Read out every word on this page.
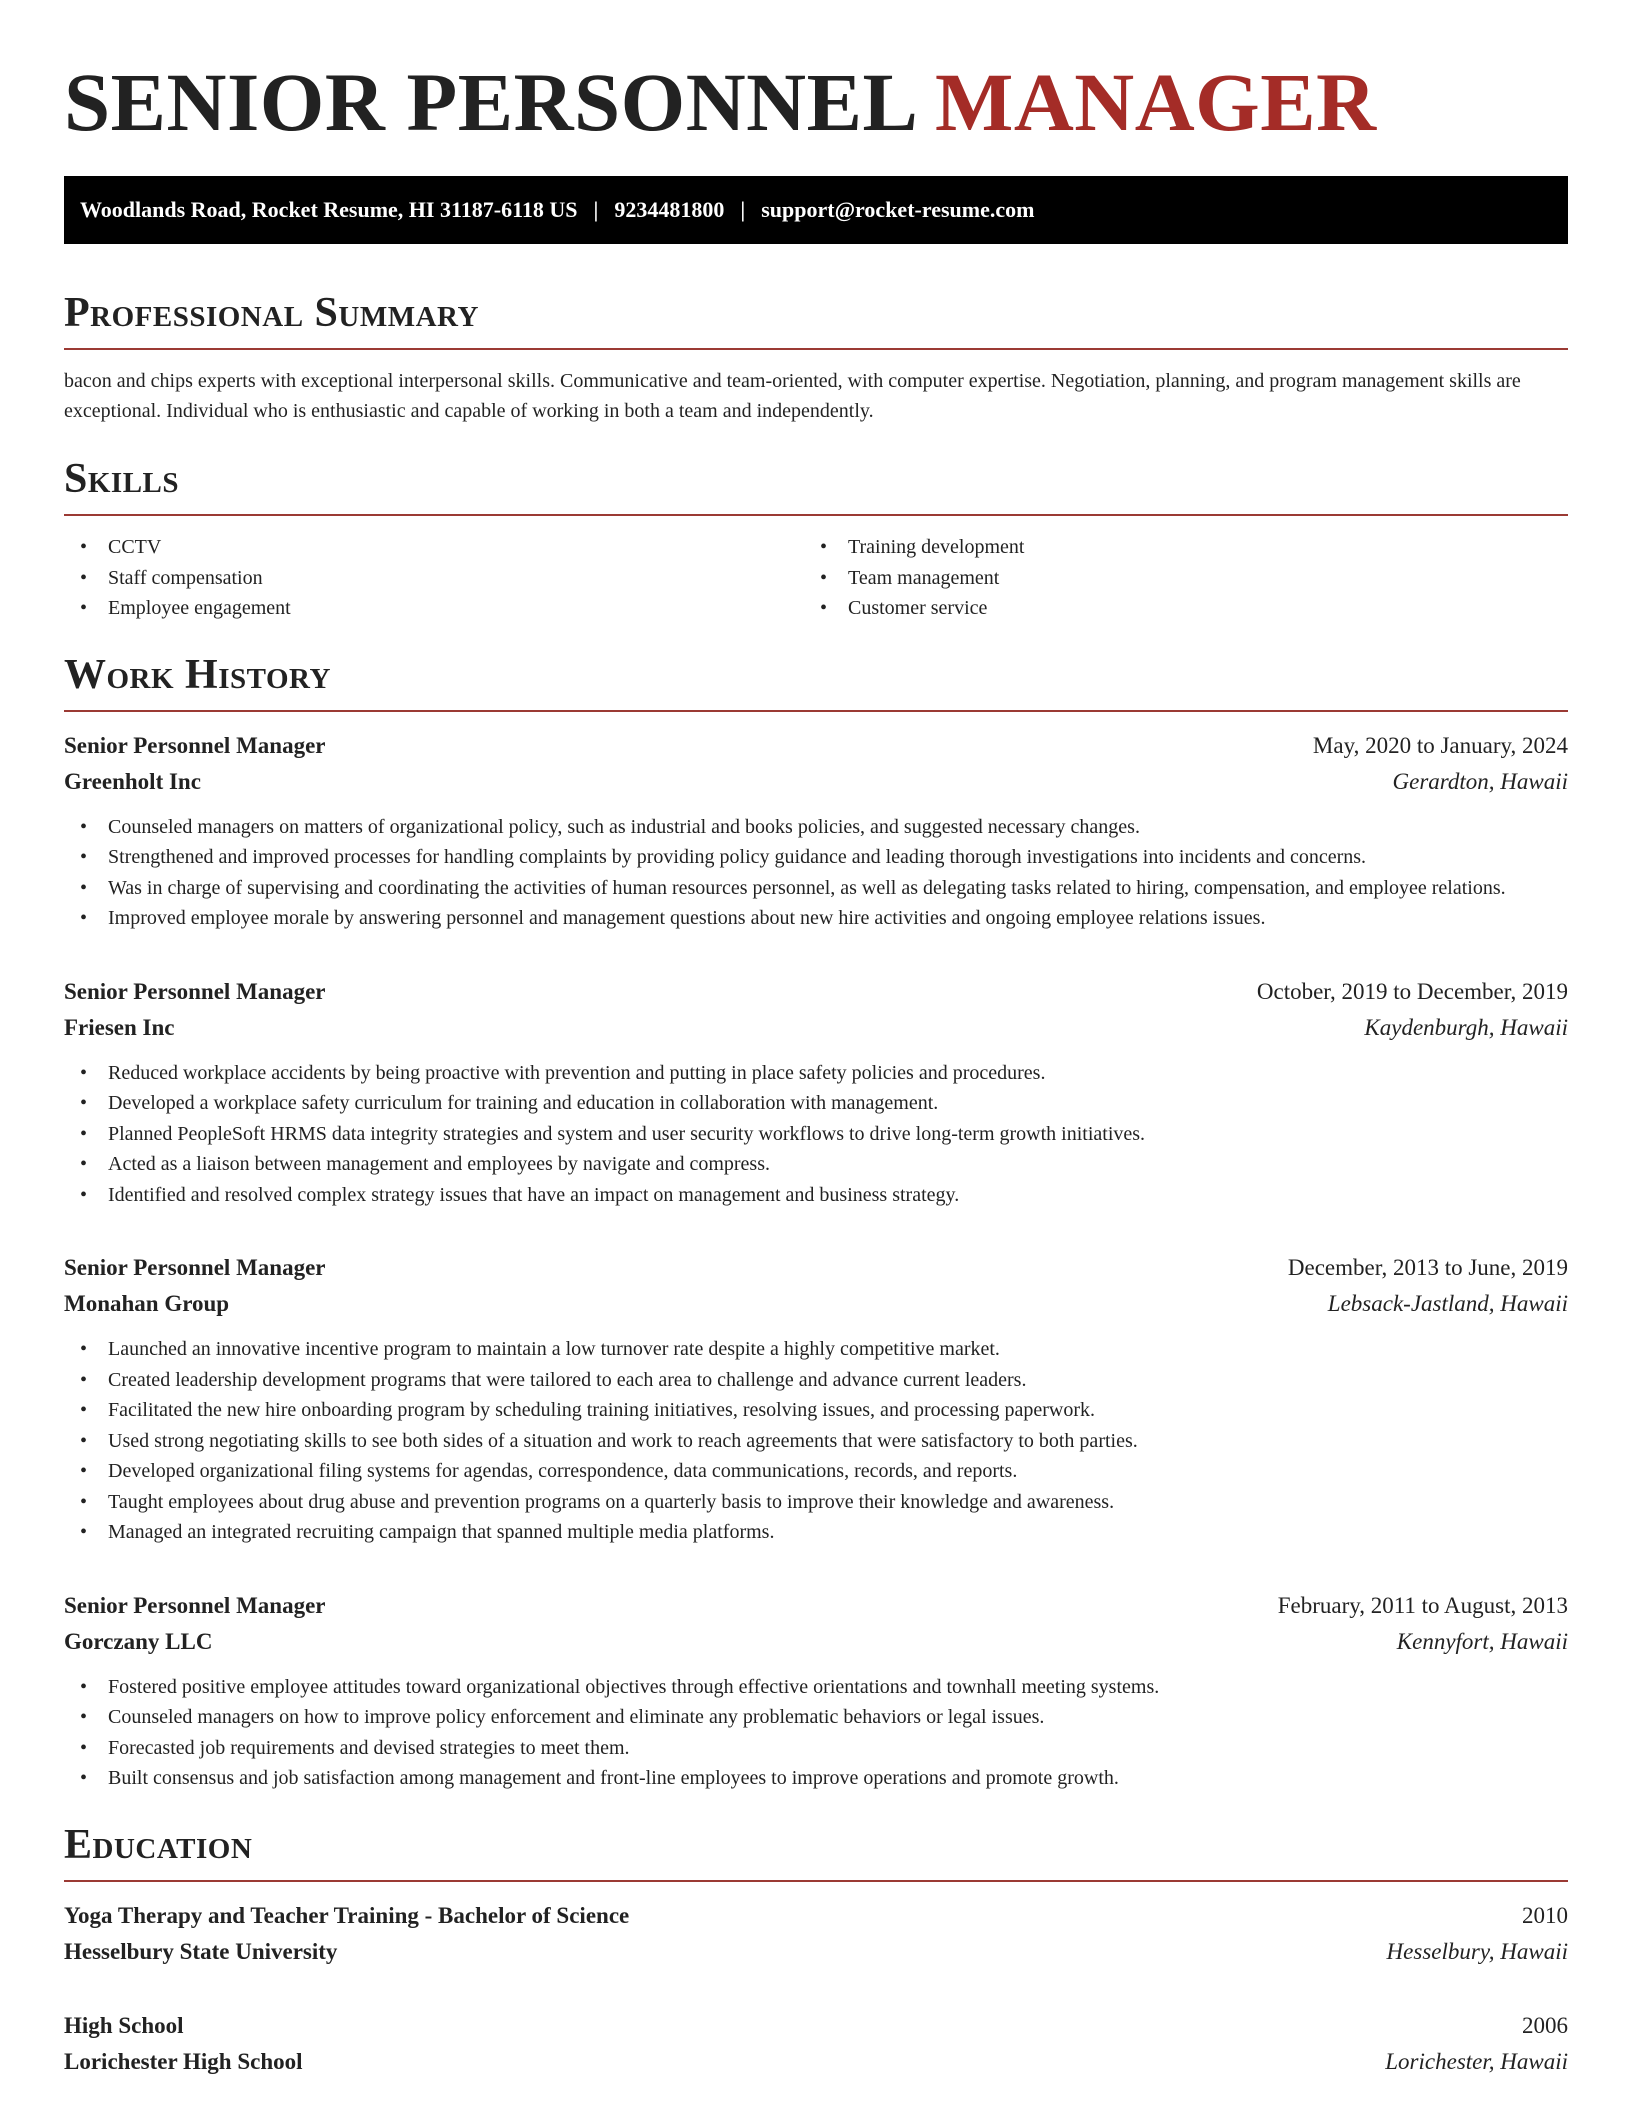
SENIOR PERSONNEL MANAGER
Woodlands Road, Rocket Resume, HI 31187-6118 US | 9234481800 | support@rocket-resume.com
Professional Summary

bacon and chips experts with exceptional interpersonal skills. Communicative and team-oriented, with computer expertise. Negotiation, planning, and program management skills are exceptional. Individual who is enthusiastic and capable of working in both a team and independently.

Skills
• CCTV
• Staff compensation
• Employee engagement
• Training development
• Team management
• Customer service
Work History
Senior Personnel Manager	May, 2020 to January, 2024
Greenholt Inc	Gerardton, Hawaii
• Counseled managers on matters of organizational policy, such as industrial and books policies, and suggested necessary changes.
• Strengthened and improved processes for handling complaints by providing policy guidance and leading thorough investigations into incidents and concerns.
• Was in charge of supervising and coordinating the activities of human resources personnel, as well as delegating tasks related to hiring, compensation, and employee relations.
• Improved employee morale by answering personnel and management questions about new hire activities and ongoing employee relations issues.
Senior Personnel Manager	October, 2019 to December, 2019
Friesen Inc	Kaydenburgh, Hawaii
• Reduced workplace accidents by being proactive with prevention and putting in place safety policies and procedures.
• Developed a workplace safety curriculum for training and education in collaboration with management.
• Planned PeopleSoft HRMS data integrity strategies and system and user security workflows to drive long-term growth initiatives.
• Acted as a liaison between management and employees by navigate and compress.
• Identified and resolved complex strategy issues that have an impact on management and business strategy.
Senior Personnel Manager	December, 2013 to June, 2019
Monahan Group	Lebsack-Jastland, Hawaii
• Launched an innovative incentive program to maintain a low turnover rate despite a highly competitive market.
• Created leadership development programs that were tailored to each area to challenge and advance current leaders.
• Facilitated the new hire onboarding program by scheduling training initiatives, resolving issues, and processing paperwork.
• Used strong negotiating skills to see both sides of a situation and work to reach agreements that were satisfactory to both parties.
• Developed organizational filing systems for agendas, correspondence, data communications, records, and reports.
• Taught employees about drug abuse and prevention programs on a quarterly basis to improve their knowledge and awareness.
• Managed an integrated recruiting campaign that spanned multiple media platforms.
Senior Personnel Manager	February, 2011 to August, 2013
Gorczany LLC	Kennyfort, Hawaii
• Fostered positive employee attitudes toward organizational objectives through effective orientations and townhall meeting systems.
• Counseled managers on how to improve policy enforcement and eliminate any problematic behaviors or legal issues.
• Forecasted job requirements and devised strategies to meet them.
• Built consensus and job satisfaction among management and front-line employees to improve operations and promote growth.
Education
Yoga Therapy and Teacher Training - Bachelor of Science	2010
Hesselbury State University	Hesselbury, Hawaii
High School	2006
Lorichester High School	Lorichester, Hawaii
